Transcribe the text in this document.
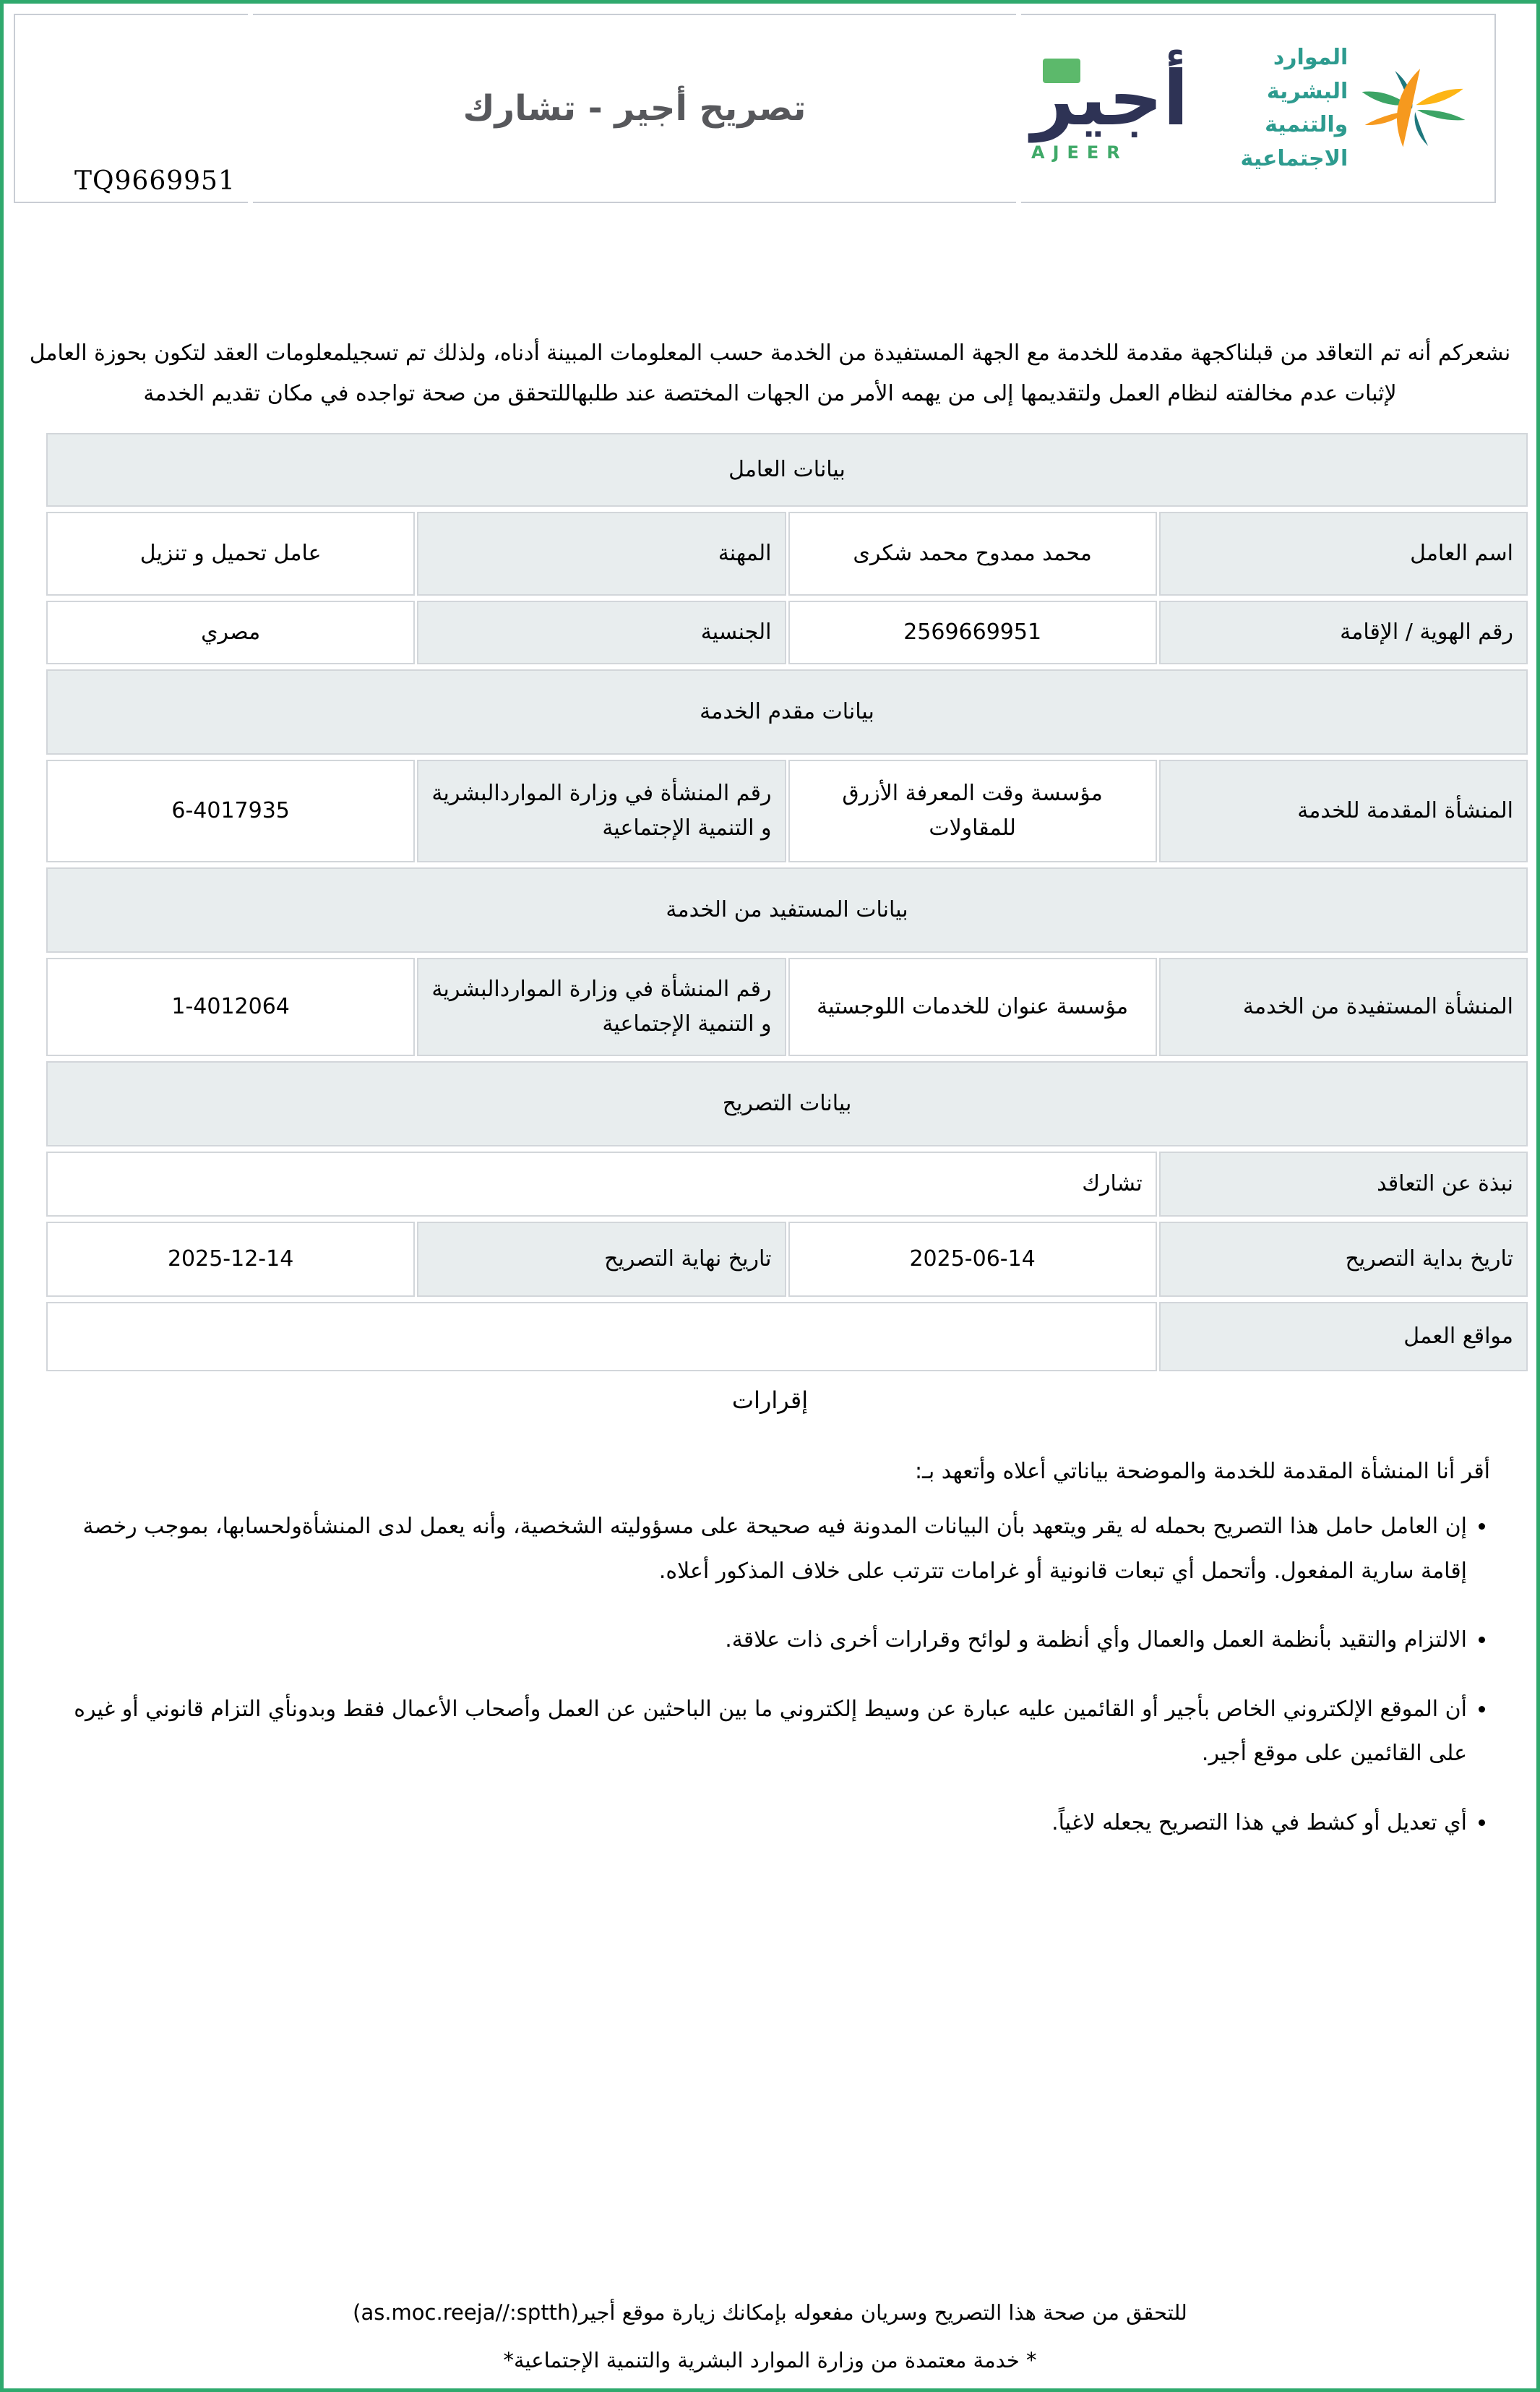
TQ9669951
تصريح أجير - تشارك	أجير
AJEER
الموارد البشرية
والتنمية الاجتماعية

نشعركم أنه تم التعاقد من قبلناكجهة مقدمة للخدمة مع الجهة المستفيدة من الخدمة حسب المعلومات المبينة أدناه، ولذلك تم تسجيلمعلومات العقد لتكون بحوزة العامل لإثبات عدم مخالفته لنظام العمل ولتقديمها إلى من يهمه الأمر من الجهات المختصة عند طلبهاللتحقق من صحة تواجده في مكان تقديم الخدمة

بيانات العامل			
اسم العامل	محمد ممدوح محمد شكرى	المهنة	عامل تحميل و تنزيل
رقم الهوية / الإقامة	2569669951	الجنسية	مصري
بيانات مقدم الخدمة			
المنشأة المقدمة للخدمة	مؤسسة وقت المعرفة الأزرق للمقاولات	رقم المنشأة في وزارة المواردالبشرية و التنمية الإجتماعية	6-4017935
بيانات المستفيد من الخدمة			
المنشأة المستفيدة من الخدمة	مؤسسة عنوان للخدمات اللوجستية	رقم المنشأة في وزارة المواردالبشرية و التنمية الإجتماعية	1-4012064
بيانات التصريح			
نبذة عن التعاقد	تشارك		
تاريخ بداية التصريح	2025-06-14	تاريخ نهاية التصريح	2025-12-14
مواقع العمل			
إقرارات
أقر أنا المنشأة المقدمة للخدمة والموضحة بياناتي أعلاه وأتعهد بـ:
• إن العامل حامل هذا التصريح بحمله له يقر ويتعهد بأن البيانات المدونة فيه صحيحة على مسؤوليته الشخصية، وأنه يعمل لدى المنشأةولحسابها، بموجب رخصة إقامة سارية المفعول. وأتحمل أي تبعات قانونية أو غرامات تترتب على خلاف المذكور أعلاه.
• الالتزام والتقيد بأنظمة العمل والعمال وأي أنظمة و لوائح وقرارات أخرى ذات علاقة.
• أن الموقع الإلكتروني الخاص بأجير أو القائمين عليه عبارة عن وسيط إلكتروني ما بين الباحثين عن العمل وأصحاب الأعمال فقط وبدونأي التزام قانوني أو غيره على القائمين على موقع أجير.
• أي تعديل أو كشط في هذا التصريح يجعله لاغياً.
للتحقق من صحة هذا التصريح وسريان مفعوله بإمكانك زيارة موقع أجير(as.moc.reeja//:sptth)
* خدمة معتمدة من وزارة الموارد البشرية والتنمية الإجتماعية*
